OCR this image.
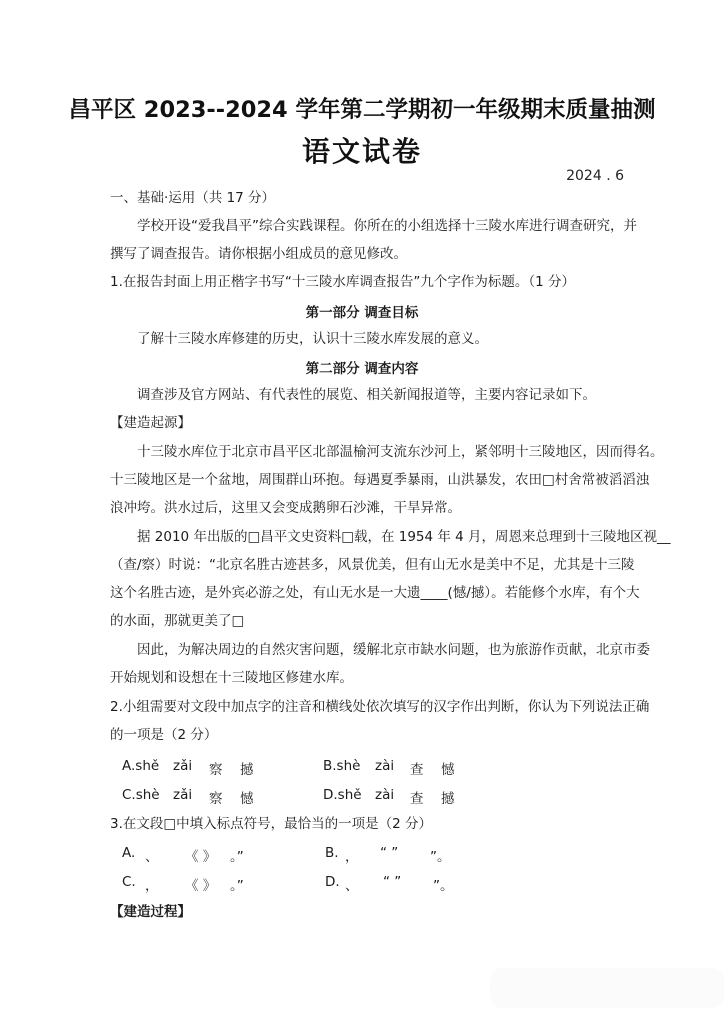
昌平区 2023--2024 学年第二学期初一年级期末质量抽测
语文试卷
2024 . 6
一、基础·运用（共 17 分）
学校开设“爱我昌平”综合实践课程。你所在的小组选择十三陵水库进行调查研究，并
撰写了调查报告。请你根据小组成员的意见修改。
1.在报告封面上用正楷字书写“十三陵水库调查报告”九个字作为标题。（1 分）
第一部分 调查目标
了解十三陵水库修建的历史，认识十三陵水库发展的意义。
第二部分 调查内容
调查涉及官方网站、有代表性的展览、相关新闻报道等，主要内容记录如下。
【建造起源】
十三陵水库位于北京市昌平区北部温榆河支流东沙河上，紧邻明十三陵地区，因而得名。
十三陵地区是一个盆地，周围群山环抱。每遇夏季暴雨，山洪暴发，农田□村舍常被滔滔浊
浪冲垮。洪水过后，这里又会变成鹅卵石沙滩，干旱异常。
据 2010 年出版的□昌平文史资料□载，在 1954 年 4 月，周恩来总理到十三陵地区视__
（查/察）时说：“北京名胜古迹甚多，风景优美，但有山无水是美中不足，尤其是十三陵
这个名胜古迹，是外宾必游之处，有山无水是一大遗____(憾/撼）。若能修个水库，有个大
的水面，那就更美了□
因此，为解决周边的自然灾害问题，缓解北京市缺水问题，也为旅游作贡献，北京市委
开始规划和设想在十三陵地区修建水库。
2.小组需要对文段中加点字的注音和横线处依次填写的汉字作出判断，你认为下列说法正确
的一项是（2 分）
A.shě zǎi 察 撼	B.shè zài 查 憾
C.shè zǎi 察 憾	D.shě zài 查 撼
3.在文段□中填入标点符号，最恰当的一项是（2 分）
A. 、 《 》 。”	B. ， “ ” ”。
C. ， 《 》 。”	D. 、 “ ” ”。
【建造过程】
